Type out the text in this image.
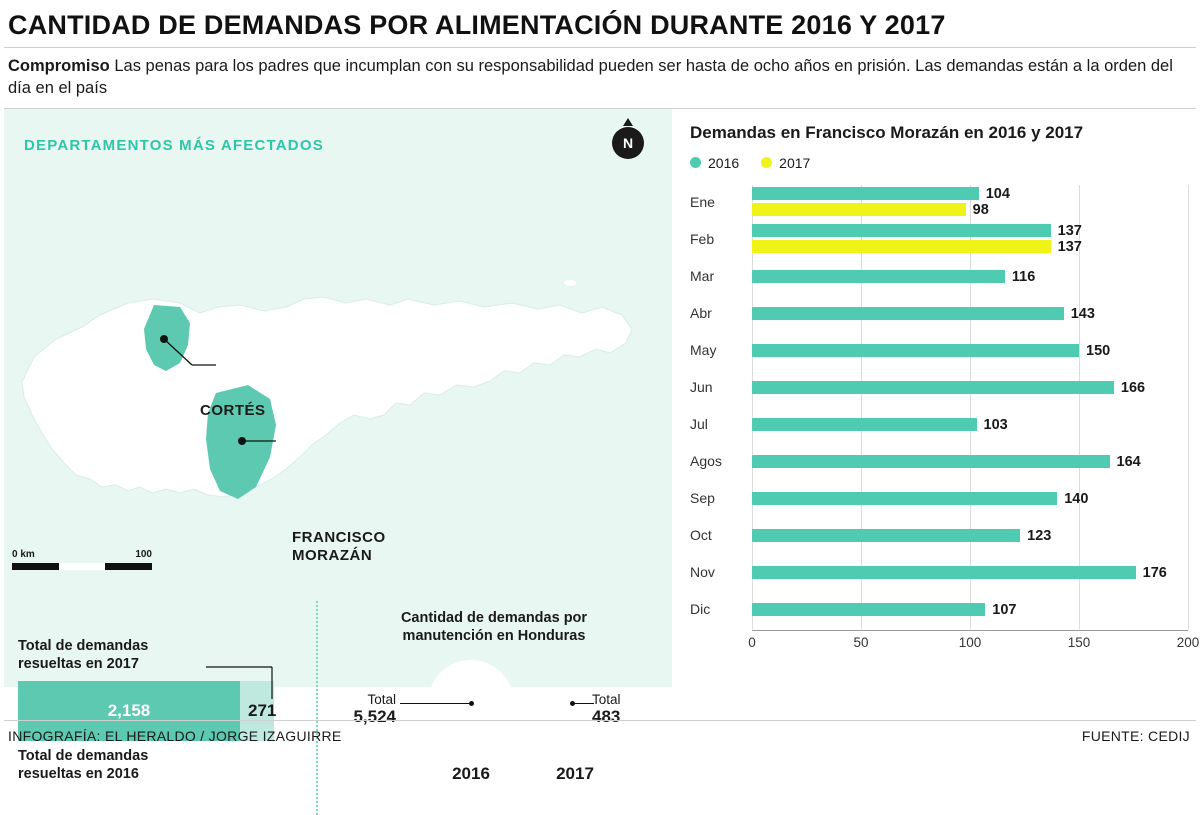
CANTIDAD DE DEMANDAS POR ALIMENTACIÓN DURANTE 2016 Y 2017
Compromiso Las penas para los padres que incumplan con su responsabilidad pueden ser hasta de ocho años en prisión. Las demandas están a la orden del día en el país
DEPARTAMENTOS MÁS AFECTADOS	N
CORTÉS
FRANCISCO
MORAZÁN
0 km	100
Total de demandas
resueltas en 2017
2,158
Total de demandas
resueltas en 2016
271
Cantidad de demandas por
manutención en Honduras
Total
5,524
Total
483
2016	2017
Demandas en Francisco Morazán en 2016 y 2017
2016	2017
Ene
104
98
Feb
137
137
Mar	116
Abr	143
May	150
Jun	166
Jul	103
Agos	164
Sep	140
Oct	123
Nov	176
Dic	107
0	50	100	150	200
INFOGRAFÍA: EL HERALDO / JORGE IZAGUIRRE	FUENTE: CEDIJ
